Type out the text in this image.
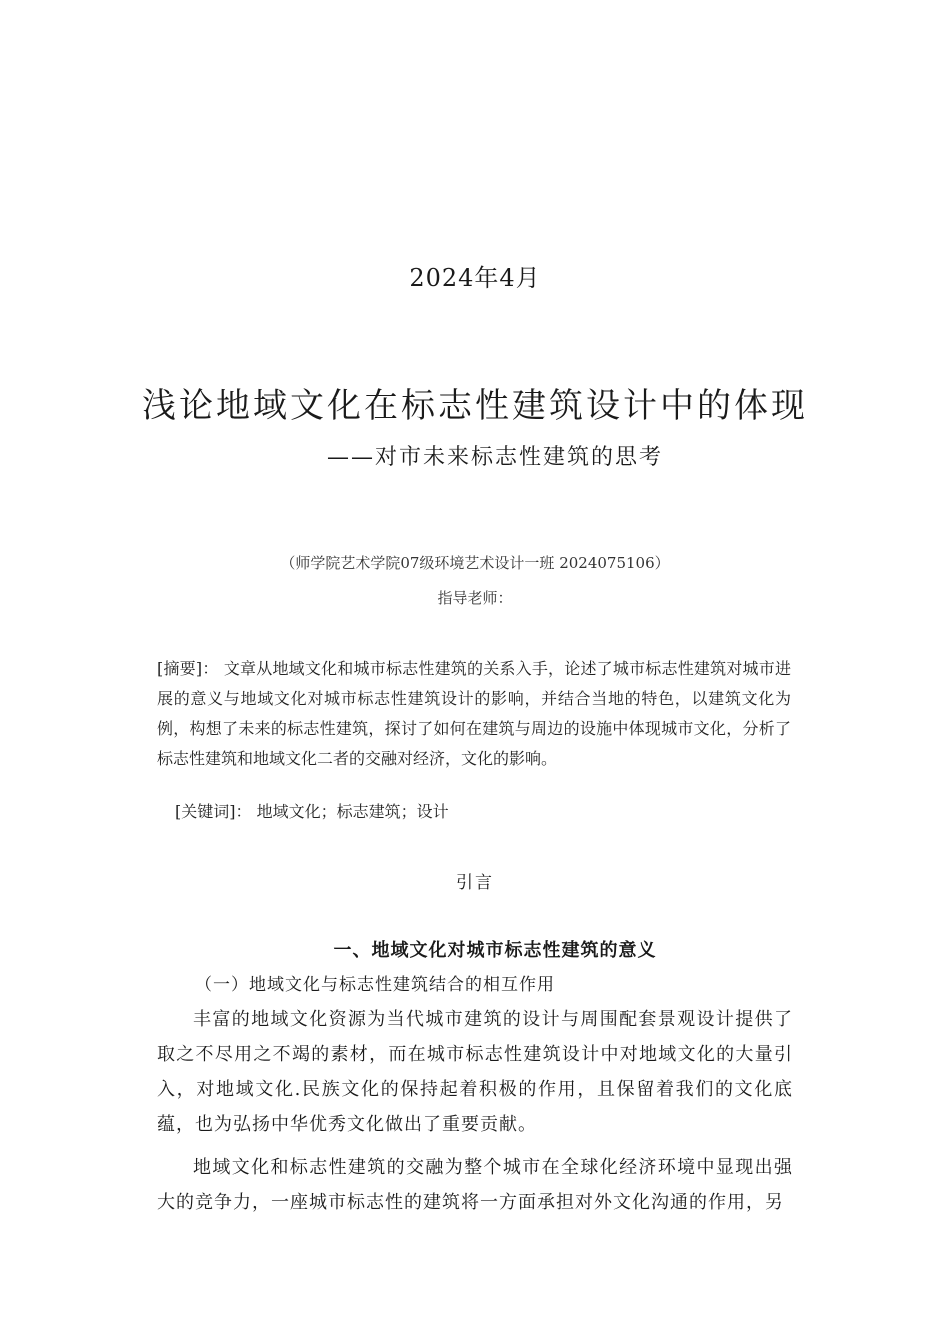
2024年4月
浅论地域文化在标志性建筑设计中的体现
——对市未来标志性建筑的思考
（师学院艺术学院07级环境艺术设计一班 2024075106）
指导老师：
[摘要]： 文章从地域文化和城市标志性建筑的关系入手，论述了城市标志性建筑对城市进展的意义与地域文化对城市标志性建筑设计的影响，并结合当地的特色，以建筑文化为例，构想了未来的标志性建筑，探讨了如何在建筑与周边的设施中体现城市文化，分析了标志性建筑和地域文化二者的交融对经济，文化的影响。
[关键词]： 地域文化；标志建筑；设计
引言
一、地域文化对城市标志性建筑的意义
（一）地域文化与标志性建筑结合的相互作用

丰富的地域文化资源为当代城市建筑的设计与周围配套景观设计提供了取之不尽用之不竭的素材，而在城市标志性建筑设计中对地域文化的大量引入，对地域文化.民族文化的保持起着积极的作用，且保留着我们的文化底蕴，也为弘扬中华优秀文化做出了重要贡献。

地域文化和标志性建筑的交融为整个城市在全球化经济环境中显现出强大的竞争力，一座城市标志性的建筑将一方面承担对外文化沟通的作用，另
